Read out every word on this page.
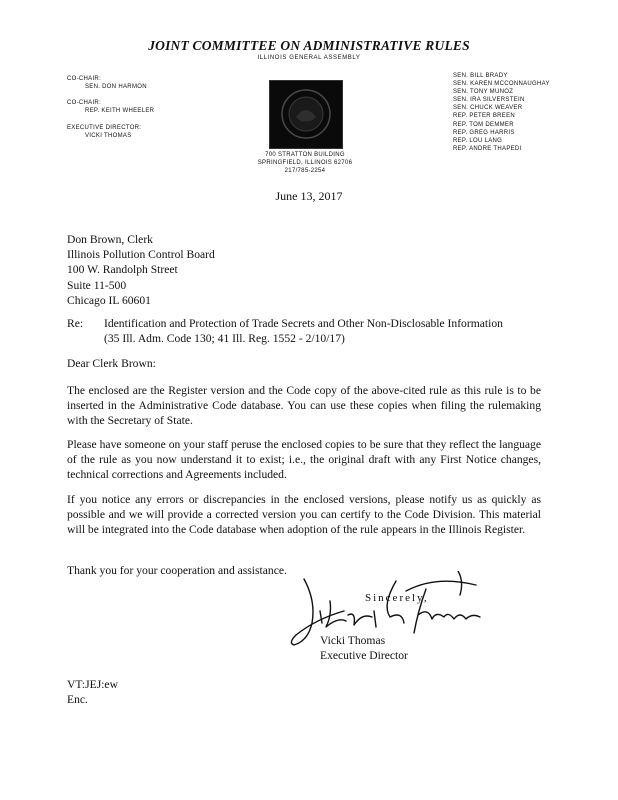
JOINT COMMITTEE ON ADMINISTRATIVE RULES
ILLINOIS GENERAL ASSEMBLY
CO-CHAIR:
SEN. DON HARMON

CO-CHAIR:
REP. KEITH WHEELER

EXECUTIVE DIRECTOR:
VICKI THOMAS
700 STRATTON BUILDING
SPRINGFIELD, ILLINOIS 62706
217/785-2254
SEN. BILL BRADY
SEN. KAREN MCCONNAUGHAY
SEN. TONY MUNOZ
SEN. IRA SILVERSTEIN
SEN. CHUCK WEAVER
REP. PETER BREEN
REP. TOM DEMMER
REP. GREG HARRIS
REP. LOU LANG
REP. ANDRE THAPEDI
June 13, 2017
Don Brown, Clerk
Illinois Pollution Control Board
100 W. Randolph Street
Suite 11-500
Chicago IL 60601
Re: Identification and Protection of Trade Secrets and Other Non-Disclosable Information
(35 Ill. Adm. Code 130; 41 Ill. Reg. 1552 - 2/10/17)
Dear Clerk Brown:
The enclosed are the Register version and the Code copy of the above-cited rule as this rule is to be inserted in the Administrative Code database. You can use these copies when filing the rulemaking with the Secretary of State.
Please have someone on your staff peruse the enclosed copies to be sure that they reflect the language of the rule as you now understand it to exist; i.e., the original draft with any First Notice changes, technical corrections and Agreements included.
If you notice any errors or discrepancies in the enclosed versions, please notify us as quickly as possible and we will provide a corrected version you can certify to the Code Division. This material will be integrated into the Code database when adoption of the rule appears in the Illinois Register.
Thank you for your cooperation and assistance.
Sincerely,
Vicki Thomas
Executive Director
VT:JEJ:ew
Enc.
